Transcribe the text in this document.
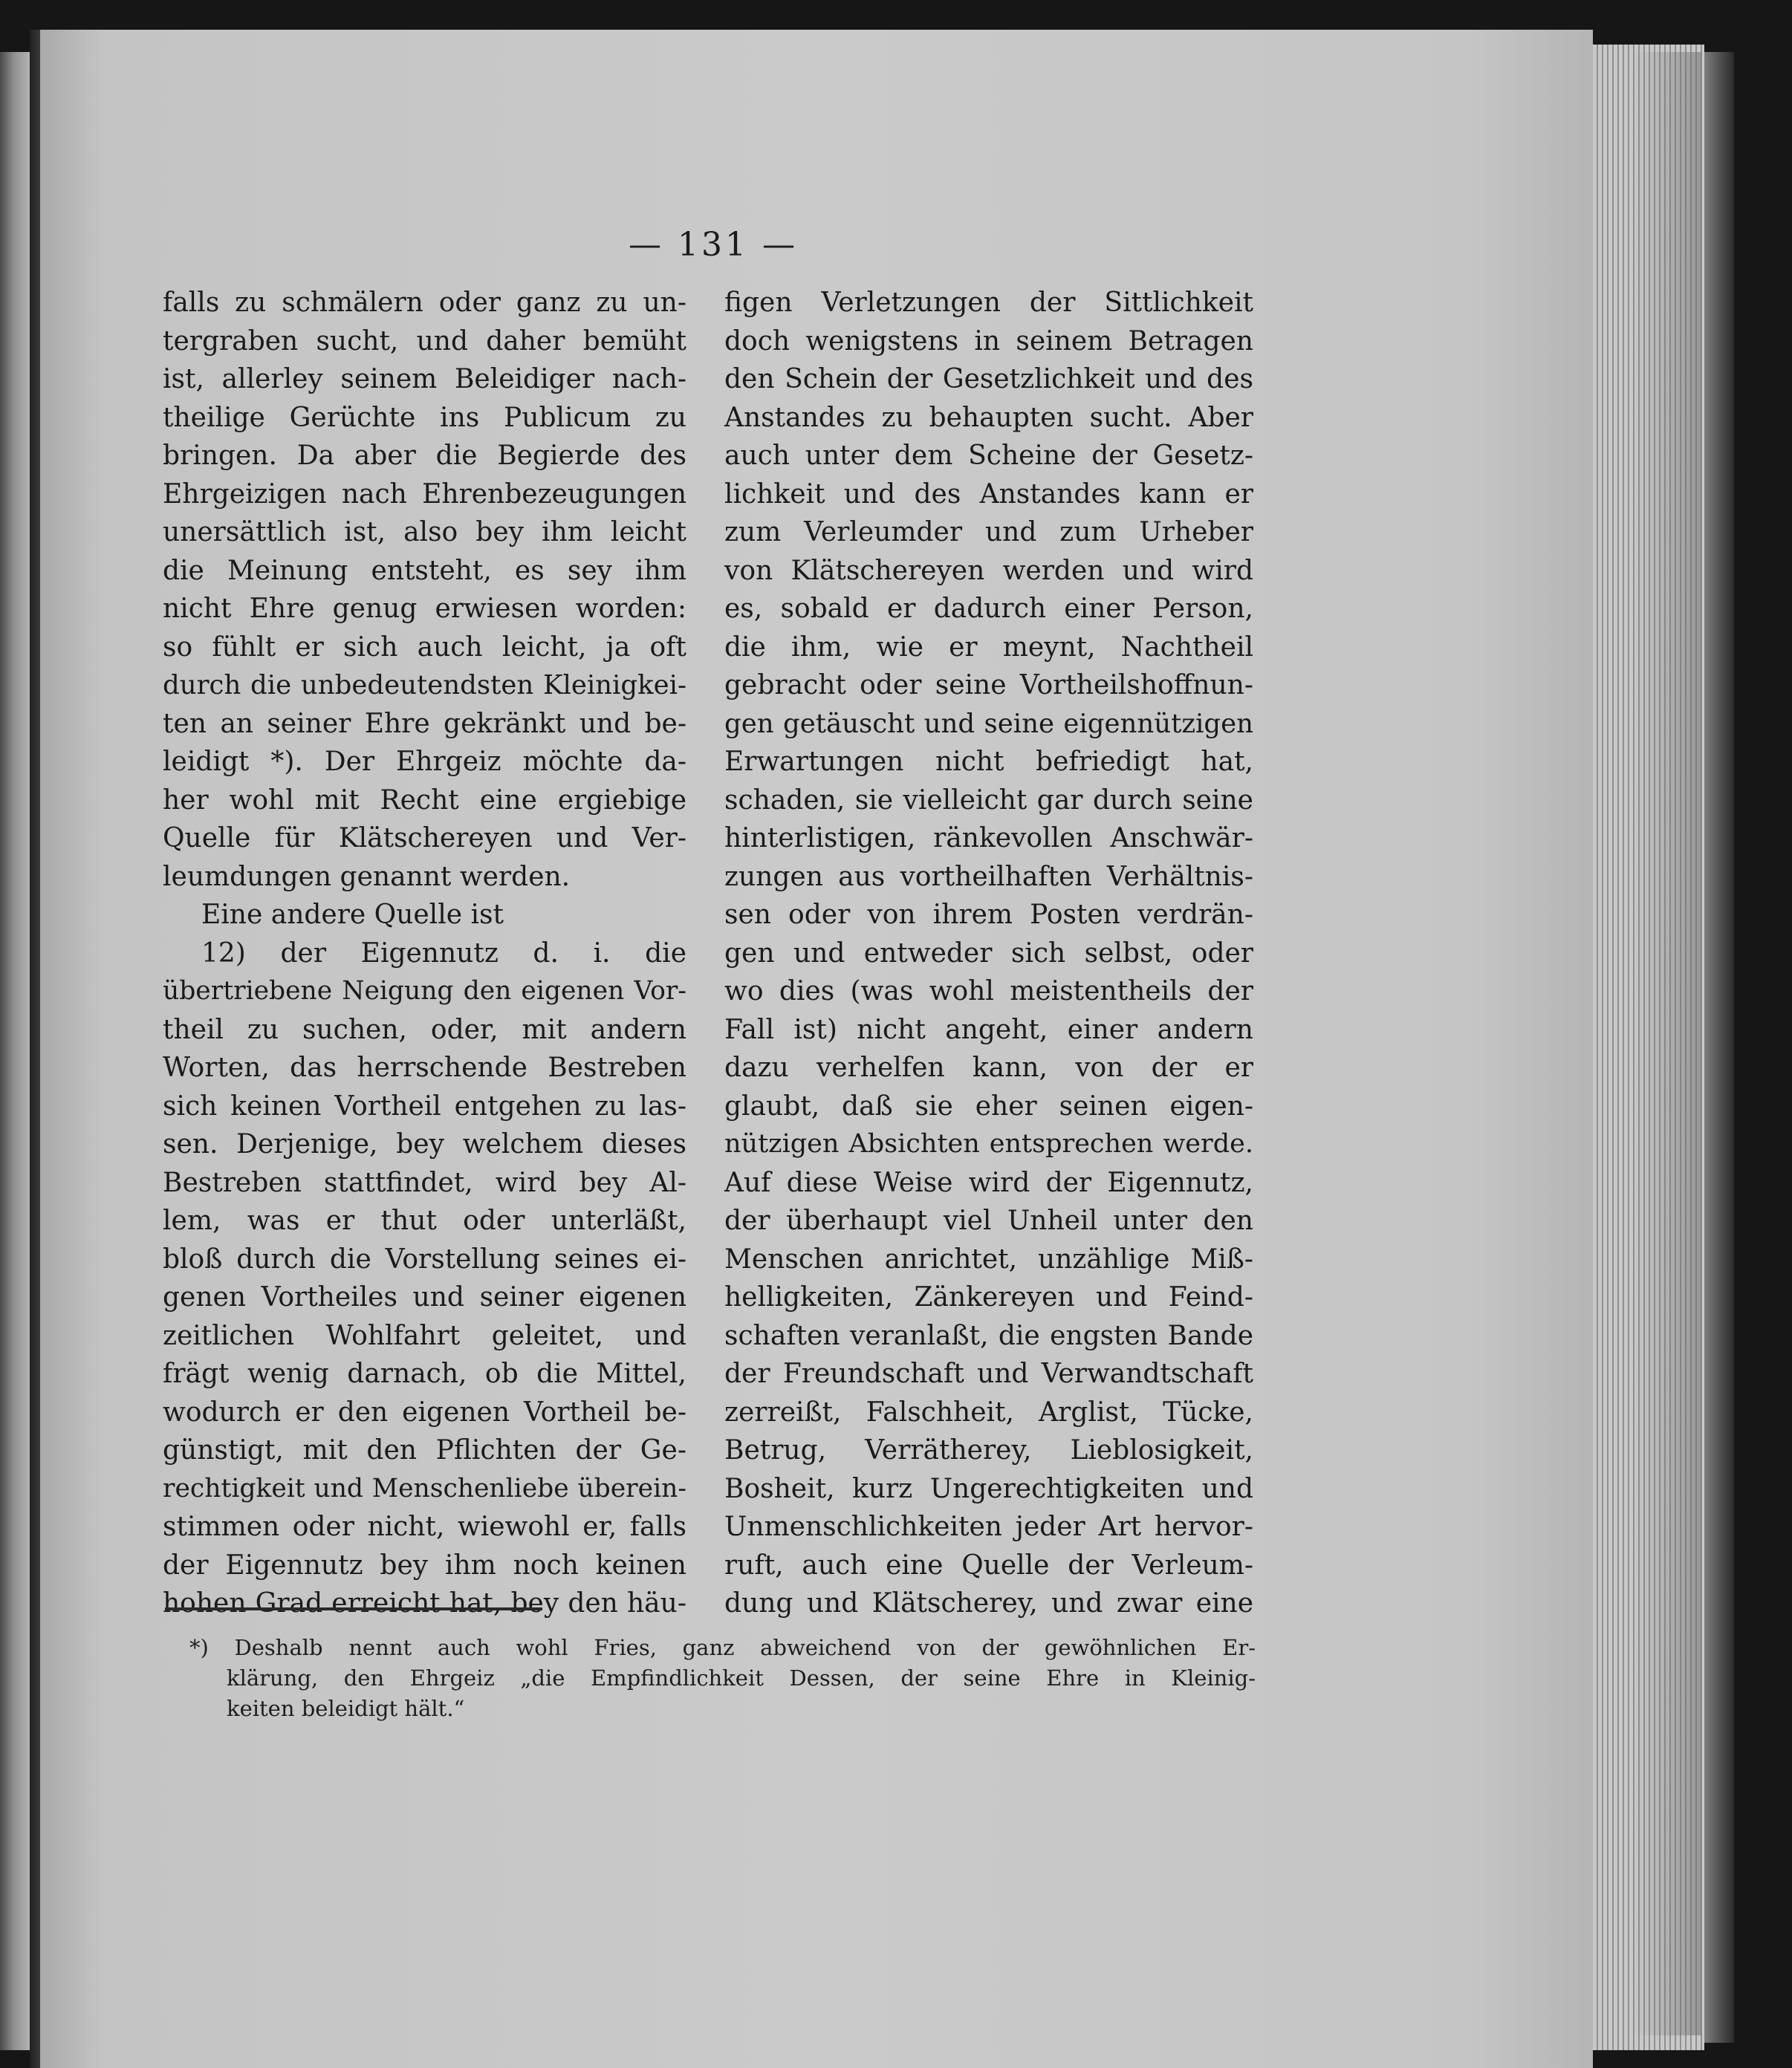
— 131 —
falls zu schmälern oder ganz zu un-
tergraben sucht, und daher bemüht
ist, allerley seinem Beleidiger nach-
theilige Gerüchte ins Publicum zu
bringen. Da aber die Begierde des
Ehrgeizigen nach Ehrenbezeugungen
unersättlich ist, also bey ihm leicht
die Meinung entsteht, es sey ihm
nicht Ehre genug erwiesen worden:
so fühlt er sich auch leicht, ja oft
durch die unbedeutendsten Kleinigkei-
ten an seiner Ehre gekränkt und be-
leidigt *). Der Ehrgeiz möchte da-
her wohl mit Recht eine ergiebige
Quelle für Klätschereyen und Ver-
leumdungen genannt werden.
Eine andere Quelle ist
12) der Eigennutz d. i. die
übertriebene Neigung den eigenen Vor-
theil zu suchen, oder, mit andern
Worten, das herrschende Bestreben
sich keinen Vortheil entgehen zu las-
sen. Derjenige, bey welchem dieses
Bestreben stattfindet, wird bey Al-
lem, was er thut oder unterläßt,
bloß durch die Vorstellung seines ei-
genen Vortheiles und seiner eigenen
zeitlichen Wohlfahrt geleitet, und
frägt wenig darnach, ob die Mittel,
wodurch er den eigenen Vortheil be-
günstigt, mit den Pflichten der Ge-
rechtigkeit und Menschenliebe überein-
stimmen oder nicht, wiewohl er, falls
der Eigennutz bey ihm noch keinen
hohen Grad erreicht hat, bey den häu-
figen Verletzungen der Sittlichkeit
doch wenigstens in seinem Betragen
den Schein der Gesetzlichkeit und des
Anstandes zu behaupten sucht. Aber
auch unter dem Scheine der Gesetz-
lichkeit und des Anstandes kann er
zum Verleumder und zum Urheber
von Klätschereyen werden und wird
es, sobald er dadurch einer Person,
die ihm, wie er meynt, Nachtheil
gebracht oder seine Vortheilshoffnun-
gen getäuscht und seine eigennützigen
Erwartungen nicht befriedigt hat,
schaden, sie vielleicht gar durch seine
hinterlistigen, ränkevollen Anschwär-
zungen aus vortheilhaften Verhältnis-
sen oder von ihrem Posten verdrän-
gen und entweder sich selbst, oder
wo dies (was wohl meistentheils der
Fall ist) nicht angeht, einer andern
dazu verhelfen kann, von der er
glaubt, daß sie eher seinen eigen-
nützigen Absichten entsprechen werde.
Auf diese Weise wird der Eigennutz,
der überhaupt viel Unheil unter den
Menschen anrichtet, unzählige Miß-
helligkeiten, Zänkereyen und Feind-
schaften veranlaßt, die engsten Bande
der Freundschaft und Verwandtschaft
zerreißt, Falschheit, Arglist, Tücke,
Betrug, Verrätherey, Lieblosigkeit,
Bosheit, kurz Ungerechtigkeiten und
Unmenschlichkeiten jeder Art hervor-
ruft, auch eine Quelle der Verleum-
dung und Klätscherey, und zwar eine
*) Deshalb nennt auch wohl Fries, ganz abweichend von der gewöhnlichen Er-
klärung, den Ehrgeiz „die Empfindlichkeit Dessen, der seine Ehre in Kleinig-
keiten beleidigt hält.“
